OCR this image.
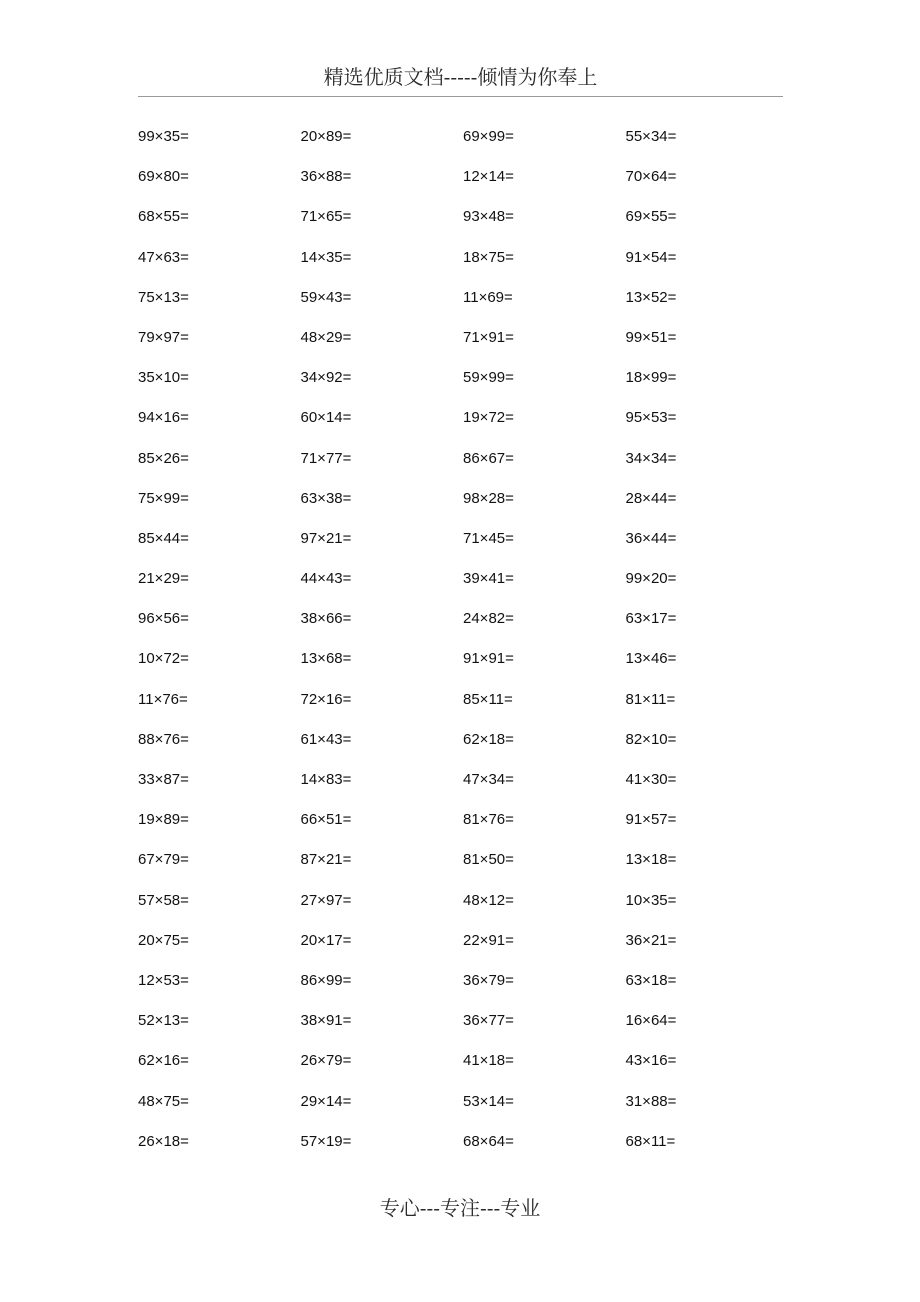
精选优质文档-----倾情为你奉上
99×35=	20×89=	69×99=	55×34=
69×80=	36×88=	12×14=	70×64=
68×55=	71×65=	93×48=	69×55=
47×63=	14×35=	18×75=	91×54=
75×13=	59×43=	11×69=	13×52=
79×97=	48×29=	71×91=	99×51=
35×10=	34×92=	59×99=	18×99=
94×16=	60×14=	19×72=	95×53=
85×26=	71×77=	86×67=	34×34=
75×99=	63×38=	98×28=	28×44=
85×44=	97×21=	71×45=	36×44=
21×29=	44×43=	39×41=	99×20=
96×56=	38×66=	24×82=	63×17=
10×72=	13×68=	91×91=	13×46=
11×76=	72×16=	85×11=	81×11=
88×76=	61×43=	62×18=	82×10=
33×87=	14×83=	47×34=	41×30=
19×89=	66×51=	81×76=	91×57=
67×79=	87×21=	81×50=	13×18=
57×58=	27×97=	48×12=	10×35=
20×75=	20×17=	22×91=	36×21=
12×53=	86×99=	36×79=	63×18=
52×13=	38×91=	36×77=	16×64=
62×16=	26×79=	41×18=	43×16=
48×75=	29×14=	53×14=	31×88=
26×18=	57×19=	68×64=	68×11=
专心---专注---专业
